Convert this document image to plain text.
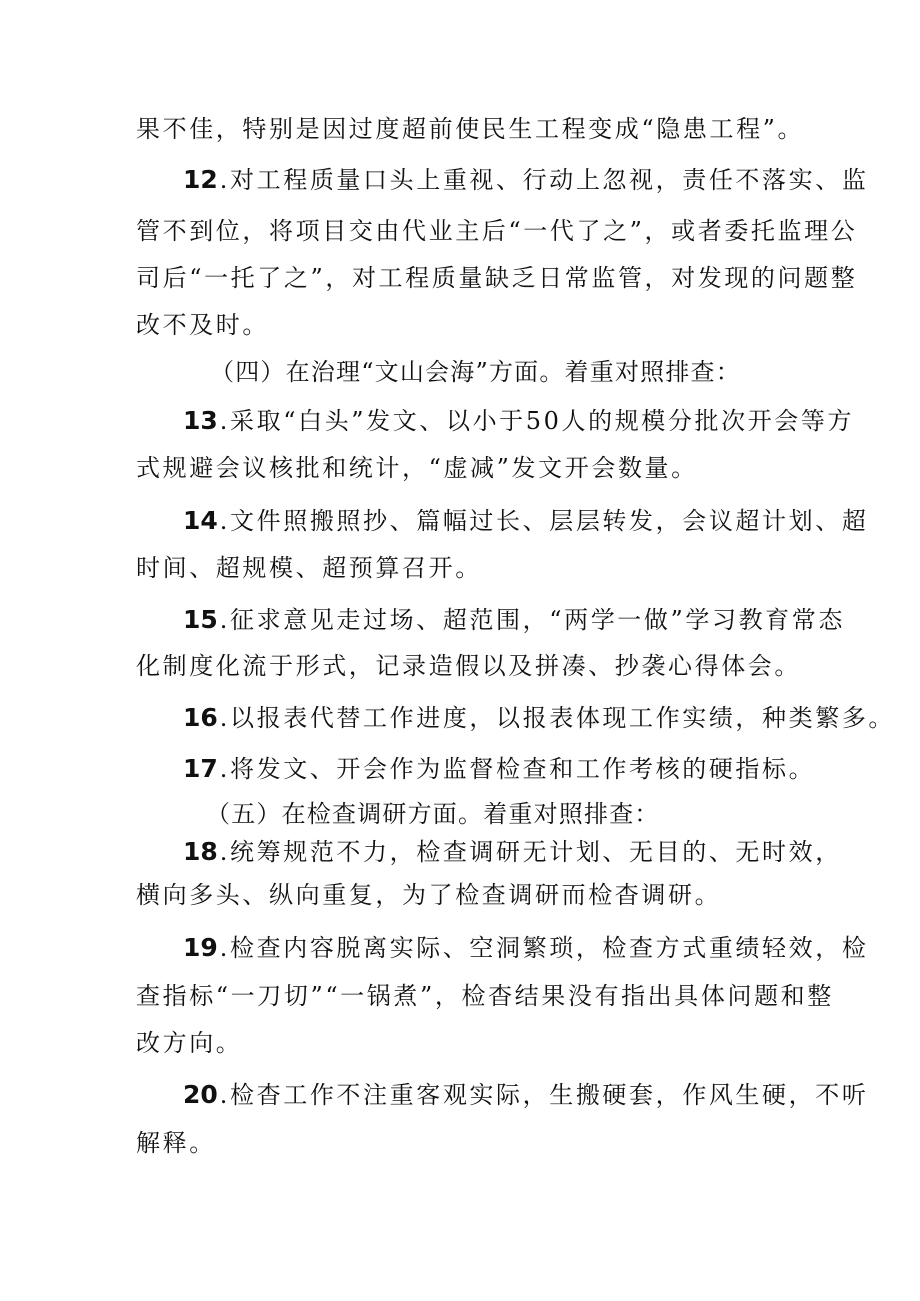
果不佳，特别是因过度超前使民生工程变成“隐患工程”。
12.对工程质量口头上重视、行动上忽视，责任不落实、监
管不到位，将项目交由代业主后“一代了之”，或者委托监理公
司后“一托了之”，对工程质量缺乏日常监管，对发现的问题整
改不及时。
（四）在治理“文山会海”方面。着重对照排查：
13.采取“白头”发文、以小于50人的规模分批次开会等方
式规避会议核批和统计，“虚减”发文开会数量。
14.文件照搬照抄、篇幅过长、层层转发，会议超计划、超
时间、超规模、超预算召开。
15.征求意见走过场、超范围，“两学一做”学习教育常态
化制度化流于形式，记录造假以及拼凑、抄袭心得体会。
16.以报表代替工作进度，以报表体现工作实绩，种类繁多。
17.将发文、开会作为监督检查和工作考核的硬指标。
（五）在检查调研方面。着重对照排查：
18.统筹规范不力，检查调研无计划、无目的、无时效，
横向多头、纵向重复，为了检查调研而检杳调研。
19.检查内容脱离实际、空洞繁琐，检查方式重绩轻效，检
查指标“一刀切”“一锅煮”，检杳结果没有指出具体问题和整
改方向。
20.检杳工作不注重客观实际，生搬硬套，作风生硬，不听
解释。
